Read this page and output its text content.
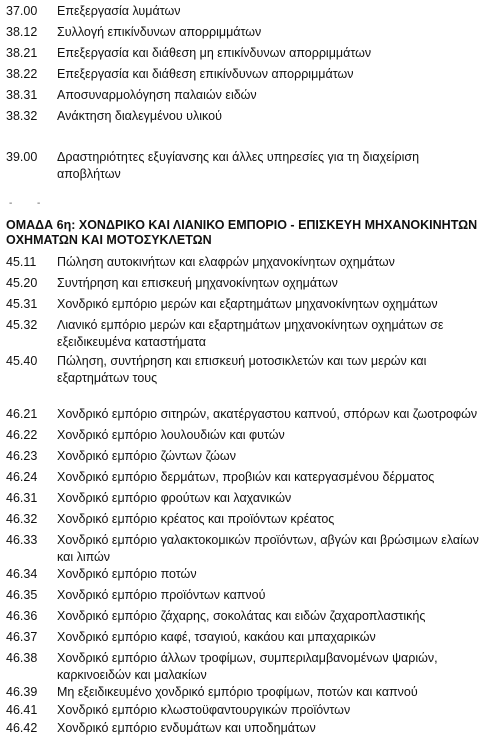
37.00	Επεξεργασία λυμάτων
38.12	Συλλογή επικίνδυνων απορριμμάτων
38.21	Επεξεργασία και διάθεση μη επικίνδυνων απορριμμάτων
38.22	Επεξεργασία και διάθεση επικίνδυνων απορριμμάτων
38.31	Αποσυναρμολόγηση παλαιών ειδών
38.32	Ανάκτηση διαλεγμένου υλικού
39.00	Δραστηριότητες εξυγίανσης και άλλες υπηρεσίες για τη διαχείριση αποβλήτων
- -
ΟΜΑΔΑ 6η: ΧΟΝΔΡΙΚΟ ΚΑΙ ΛΙΑΝΙΚΟ ΕΜΠΟΡΙΟ - ΕΠΙΣΚΕΥΗ ΜΗΧΑΝΟΚΙΝΗΤΩΝ ΟΧΗΜΑΤΩΝ ΚΑΙ ΜΟΤΟΣΥΚΛΕΤΩΝ
45.11	Πώληση αυτοκινήτων και ελαφρών μηχανοκίνητων οχημάτων
45.20	Συντήρηση και επισκευή μηχανοκίνητων οχημάτων
45.31	Χονδρικό εμπόριο μερών και εξαρτημάτων μηχανοκίνητων οχημάτων
45.32	Λιανικό εμπόριο μερών και εξαρτημάτων μηχανοκίνητων οχημάτων σε εξειδικευμένα καταστήματα
45.40	Πώληση, συντήρηση και επισκευή μοτοσικλετών και των μερών και εξαρτημάτων τους
46.21	Χονδρικό εμπόριο σιτηρών, ακατέργαστου καπνού, σπόρων και ζωοτροφών
46.22	Χονδρικό εμπόριο λουλουδιών και φυτών
46.23	Χονδρικό εμπόριο ζώντων ζώων
46.24	Χονδρικό εμπόριο δερμάτων, προβιών και κατεργασμένου δέρματος
46.31	Χονδρικό εμπόριο φρούτων και λαχανικών
46.32	Χονδρικό εμπόριο κρέατος και προϊόντων κρέατος
46.33	Χονδρικό εμπόριο γαλακτοκομικών προϊόντων, αβγών και βρώσιμων ελαίων και λιπών
46.34	Χονδρικό εμπόριο ποτών
46.35	Χονδρικό εμπόριο προϊόντων καπνού
46.36	Χονδρικό εμπόριο ζάχαρης, σοκολάτας και ειδών ζαχαροπλαστικής
46.37	Χονδρικό εμπόριο καφέ, τσαγιού, κακάου και μπαχαρικών
46.38	Χονδρικό εμπόριο άλλων τροφίμων, συμπεριλαμβανομένων ψαριών, καρκινοειδών και μαλακίων
46.39	Μη εξειδικευμένο χονδρικό εμπόριο τροφίμων, ποτών και καπνού
46.41	Χονδρικό εμπόριο κλωστοϋφαντουργικών προϊόντων
46.42	Χονδρικό εμπόριο ενδυμάτων και υποδημάτων
